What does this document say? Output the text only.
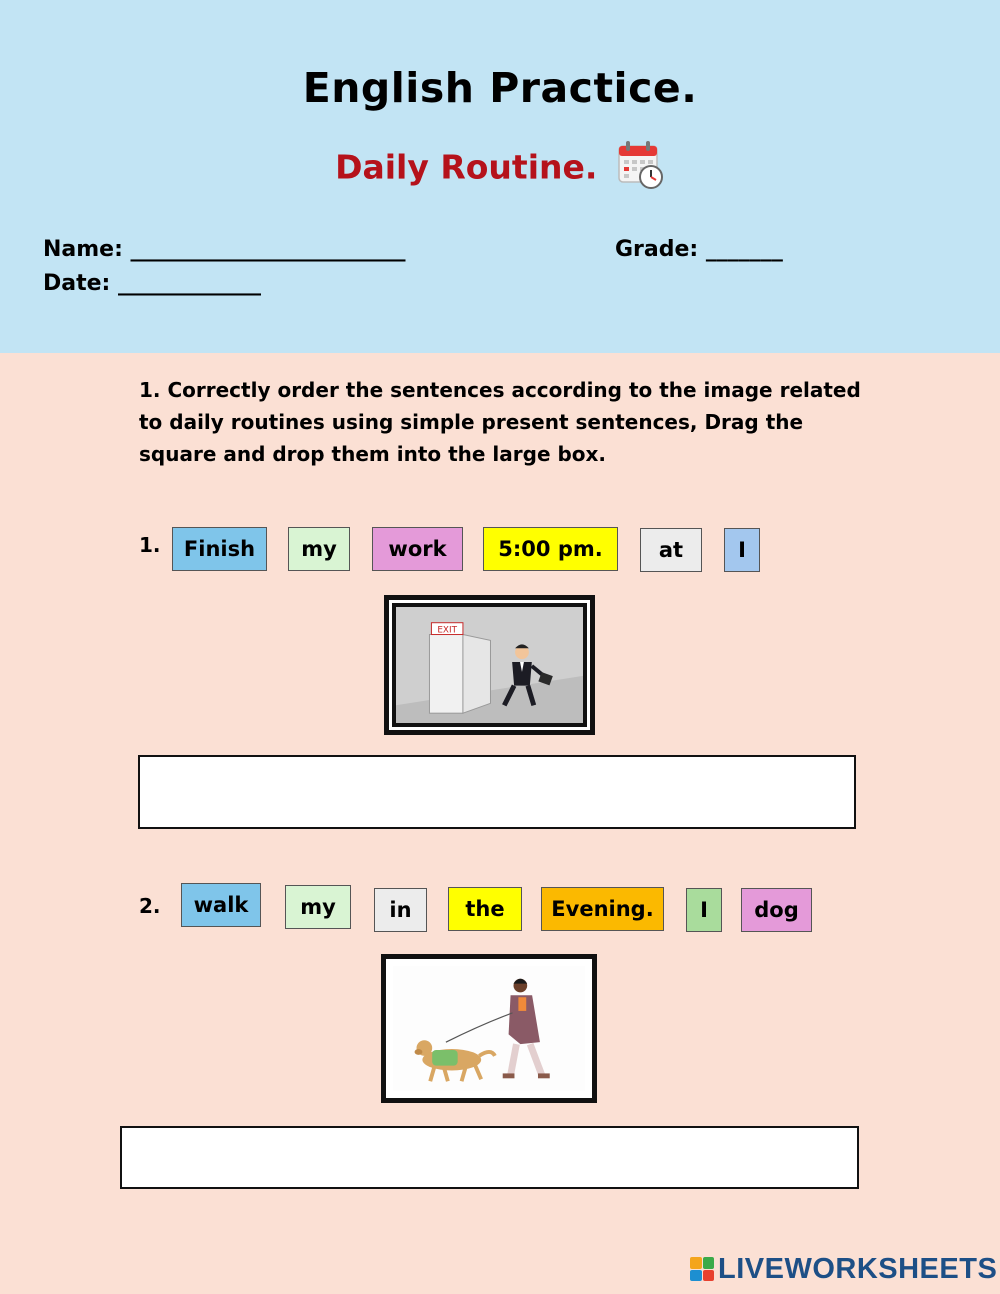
English Practice.
Daily Routine.
Name: _________________________	Grade: _______
Date: _____________
1. Correctly order the sentences according to the image related to daily routines using simple present sentences, Drag the square and drop them into the large box.
1. Finish my work 5:00 pm.	at	I
EXIT
2. walk my	in	the Evening. I dog
LIVEWORKSHEETS
